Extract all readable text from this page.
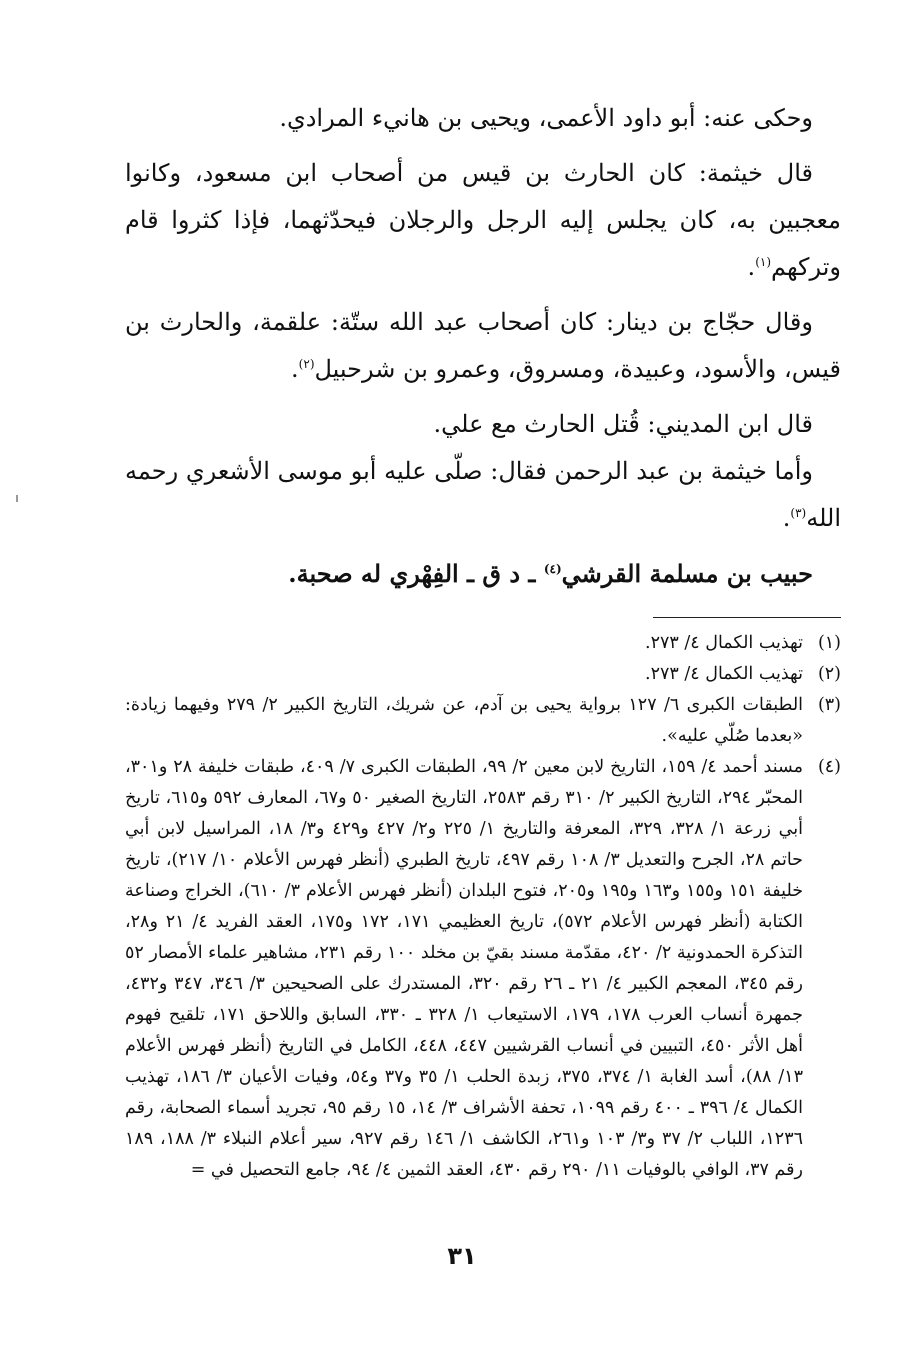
وحكى عنه: أبو داود الأعمى، ويحيى بن هانيء المرادي.

قال خيثمة: كان الحارث بن قيس من أصحاب ابن مسعود، وكانوا معجبين به، كان يجلس إليه الرجل والرجلان فيحدّثهما، فإذا كثروا قام وتركهم$^{(١)}$.

وقال حجّاج بن دينار: كان أصحاب عبد الله ستّة: علقمة، والحارث بن قيس، والأسود، وعبيدة، ومسروق، وعمرو بن شرحبيل$^{(٢)}$.

قال ابن المديني: قُتل الحارث مع علي.

وأما خيثمة بن عبد الرحمن فقال: صلّى عليه أبو موسى الأشعري رحمه الله$^{(٣)}$.

حبيب بن مسلمة القرشي$^{(٤)}$ ـ د ق ـ الفِهْري له صحبة.

(١)
تهذيب الكمال ٤/ ٢٧٣.
(٢)
تهذيب الكمال ٤/ ٢٧٣.
(٣)
الطبقات الكبرى ٦/ ١٢٧ برواية يحيى بن آدم، عن شريك، التاريخ الكبير ٢/ ٢٧٩ وفيهما زيادة: «بعدما صُلّي عليه».
(٤)
مسند أحمد ٤/ ١٥٩، التاريخ لابن معين ٢/ ٩٩، الطبقات الكبرى ٧/ ٤٠٩، طبقات خليفة ٢٨ و٣٠١، المحبّر ٢٩٤، التاريخ الكبير ٢/ ٣١٠ رقم ٢٥٨٣، التاريخ الصغير ٥٠ و٦٧، المعارف ٥٩٢ و٦١٥، تاريخ أبي زرعة ١/ ٣٢٨، ٣٢٩، المعرفة والتاريخ ١/ ٢٢٥ و٢/ ٤٢٧ و٤٢٩ و٣/ ١٨، المراسيل لابن أبي حاتم ٢٨، الجرح والتعديل ٣/ ١٠٨ رقم ٤٩٧، تاريخ الطبري (أنظر فهرس الأعلام ١٠/ ٢١٧)، تاريخ خليفة ١٥١ و١٥٥ و١٦٣ و١٩٥ و٢٠٥، فتوح البلدان (أنظر فهرس الأعلام ٣/ ٦١٠)، الخراج وصناعة الكتابة (أنظر فهرس الأعلام ٥٧٢)، تاريخ العظيمي ١٧١، ١٧٢ و١٧٥، العقد الفريد ٤/ ٢١ و٢٨، التذكرة الحمدونية ٢/ ٤٢٠، مقدّمة مسند بقيّ بن مخلد ١٠٠ رقم ٢٣١، مشاهير علماء الأمصار ٥٢ رقم ٣٤٥، المعجم الكبير ٤/ ٢١ ـ ٢٦ رقم ٣٢٠، المستدرك على الصحيحين ٣/ ٣٤٦، ٣٤٧ و٤٣٢، جمهرة أنساب العرب ١٧٨، ١٧٩، الاستيعاب ١/ ٣٢٨ ـ ٣٣٠، السابق واللاحق ١٧١، تلقيح فهوم أهل الأثر ٤٥٠، التبيين في أنساب القرشيين ٤٤٧، ٤٤٨، الكامل في التاريخ (أنظر فهرس الأعلام ١٣/ ٨٨)، أسد الغابة ١/ ٣٧٤، ٣٧٥، زبدة الحلب ١/ ٣٥ و٣٧ و٥٤، وفيات الأعيان ٣/ ١٨٦، تهذيب الكمال ٤/ ٣٩٦ ـ ٤٠٠ رقم ١٠٩٩، تحفة الأشراف ٣/ ١٤، ١٥ رقم ٩٥، تجريد أسماء الصحابة، رقم ١٢٣٦، اللباب ٢/ ٣٧ و٣/ ١٠٣ و٢٦١، الكاشف ١/ ١٤٦ رقم ٩٢٧، سير أعلام النبلاء ٣/ ١٨٨، ١٨٩ رقم ٣٧، الوافي بالوفيات ١١/ ٢٩٠ رقم ٤٣٠، العقد الثمين ٤/ ٩٤، جامع التحصيل في =
٣١
